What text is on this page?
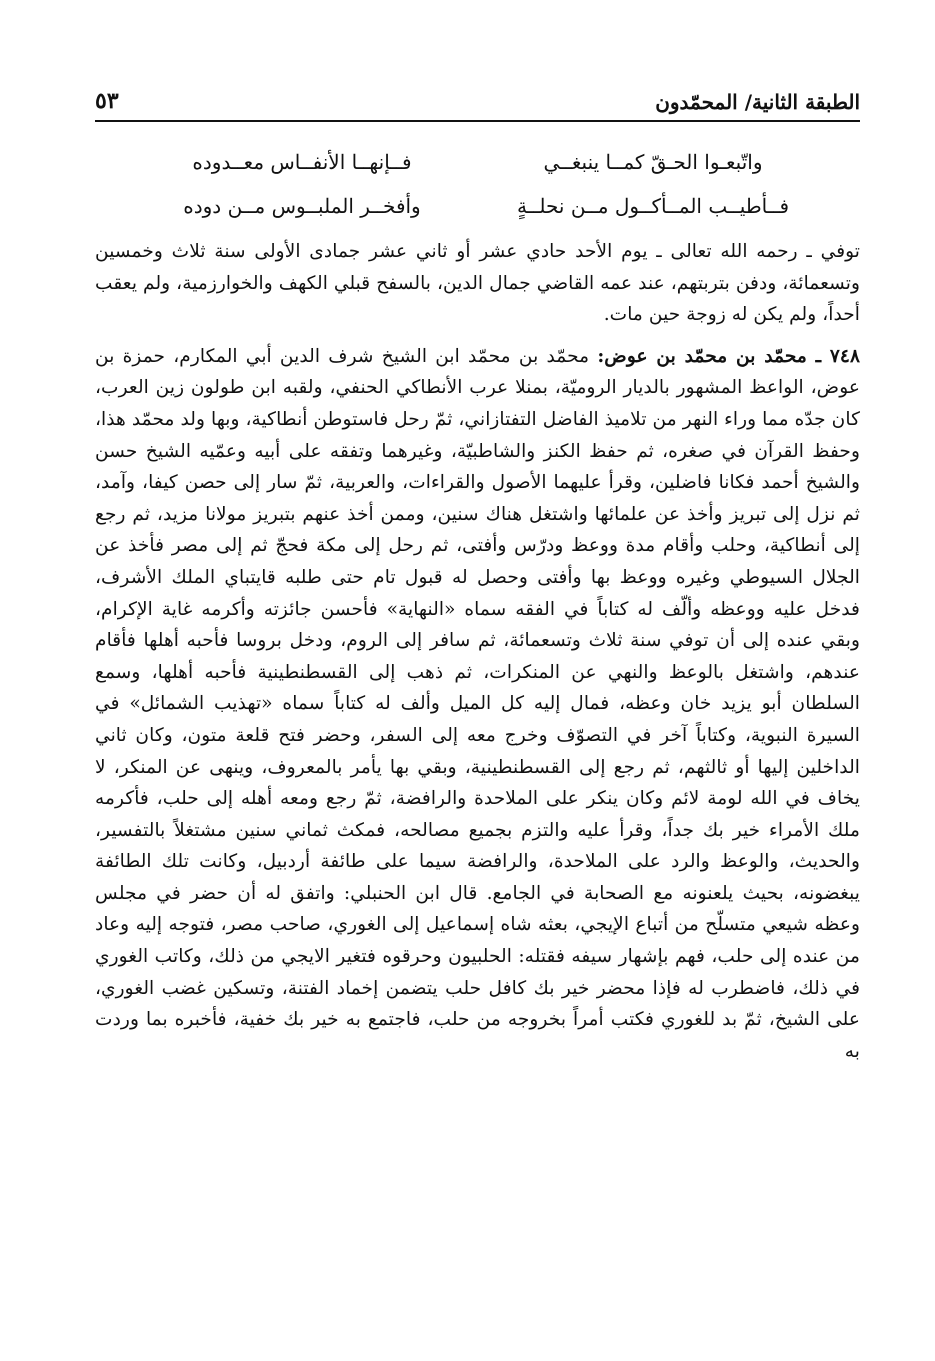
الطبقة الثانية/ المحمّدون
٥٣
واتّبعـوا الحـقّ كمــا ينبغــي
فــإنهــا الأنفــاس معــدوده
فــأطيــب المــأكــول مــن نحلــةٍ
وأفخــر الملبــوس مــن دوده

توفي ـ رحمه الله تعالى ـ يوم الأحد حادي عشر أو ثاني عشر جمادى الأولى سنة ثلاث وخمسين وتسعمائة، ودفن بتربتهم، عند عمه القاضي جمال الدين، بالسفح قبلي الكهف والخوارزمية، ولم يعقب أحداً، ولم يكن له زوجة حين مات.

٧٤٨ ـ محمّد بن محمّد بن عوض: محمّد بن محمّد ابن الشيخ شرف الدين أبي المكارم، حمزة بن عوض، الواعظ المشهور بالديار الروميّة، بمنلا عرب الأنطاكي الحنفي، ولقبه ابن طولون زين العرب، كان جدّه مما وراء النهر من تلاميذ الفاضل التفتازاني، ثمّ رحل فاستوطن أنطاكية، وبها ولد محمّد هذا، وحفظ القرآن في صغره، ثم حفظ الكنز والشاطبيّة، وغيرهما وتفقه على أبيه وعمّيه الشيخ حسن والشيخ أحمد فكانا فاضلين، وقرأ عليهما الأصول والقراءات، والعربية، ثمّ سار إلى حصن كيفا، وآمد، ثم نزل إلى تبريز وأخذ عن علمائها واشتغل هناك سنين، وممن أخذ عنهم بتبريز مولانا مزيد، ثم رجع إلى أنطاكية، وحلب وأقام مدة ووعظ ودرّس وأفتى، ثم رحل إلى مكة فحجّ ثم إلى مصر فأخذ عن الجلال السيوطي وغيره ووعظ بها وأفتى وحصل له قبول تام حتى طلبه قايتباي الملك الأشرف، فدخل عليه ووعظه وألّف له كتاباً في الفقه سماه «النهاية» فأحسن جائزته وأكرمه غاية الإكرام، وبقي عنده إلى أن توفي سنة ثلاث وتسعمائة، ثم سافر إلى الروم، ودخل بروسا فأحبه أهلها فأقام عندهم، واشتغل بالوعظ والنهي عن المنكرات، ثم ذهب إلى القسطنطينية فأحبه أهلها، وسمع السلطان أبو يزيد خان وعظه، فمال إليه كل الميل وألف له كتاباً سماه «تهذيب الشمائل» في السيرة النبوية، وكتاباً آخر في التصوّف وخرج معه إلى السفر، وحضر فتح قلعة متون، وكان ثاني الداخلين إليها أو ثالثهم، ثم رجع إلى القسطنطينية، وبقي بها يأمر بالمعروف، وينهى عن المنكر، لا يخاف في الله لومة لائم وكان ينكر على الملاحدة والرافضة، ثمّ رجع ومعه أهله إلى حلب، فأكرمه ملك الأمراء خير بك جداً، وقرأ عليه والتزم بجميع مصالحه، فمكث ثماني سنين مشتغلاً بالتفسير، والحديث، والوعظ والرد على الملاحدة، والرافضة سيما على طائفة أردبيل، وكانت تلك الطائفة يبغضونه، بحيث يلعنونه مع الصحابة في الجامع. قال ابن الحنبلي: واتفق له أن حضر في مجلس وعظه شيعي متسلّح من أتباع الإيجي، بعثه شاه إسماعيل إلى الغوري، صاحب مصر، فتوجه إليه وعاد من عنده إلى حلب، فهم بإشهار سيفه فقتله: الحلبيون وحرقوه فتغير الايجي من ذلك، وكاتب الغوري في ذلك، فاضطرب له فإذا محضر خير بك كافل حلب يتضمن إخماد الفتنة، وتسكين غضب الغوري، على الشيخ، ثمّ بد للغوري فكتب أمراً بخروجه من حلب، فاجتمع به خير بك خفية، فأخبره بما وردت به
